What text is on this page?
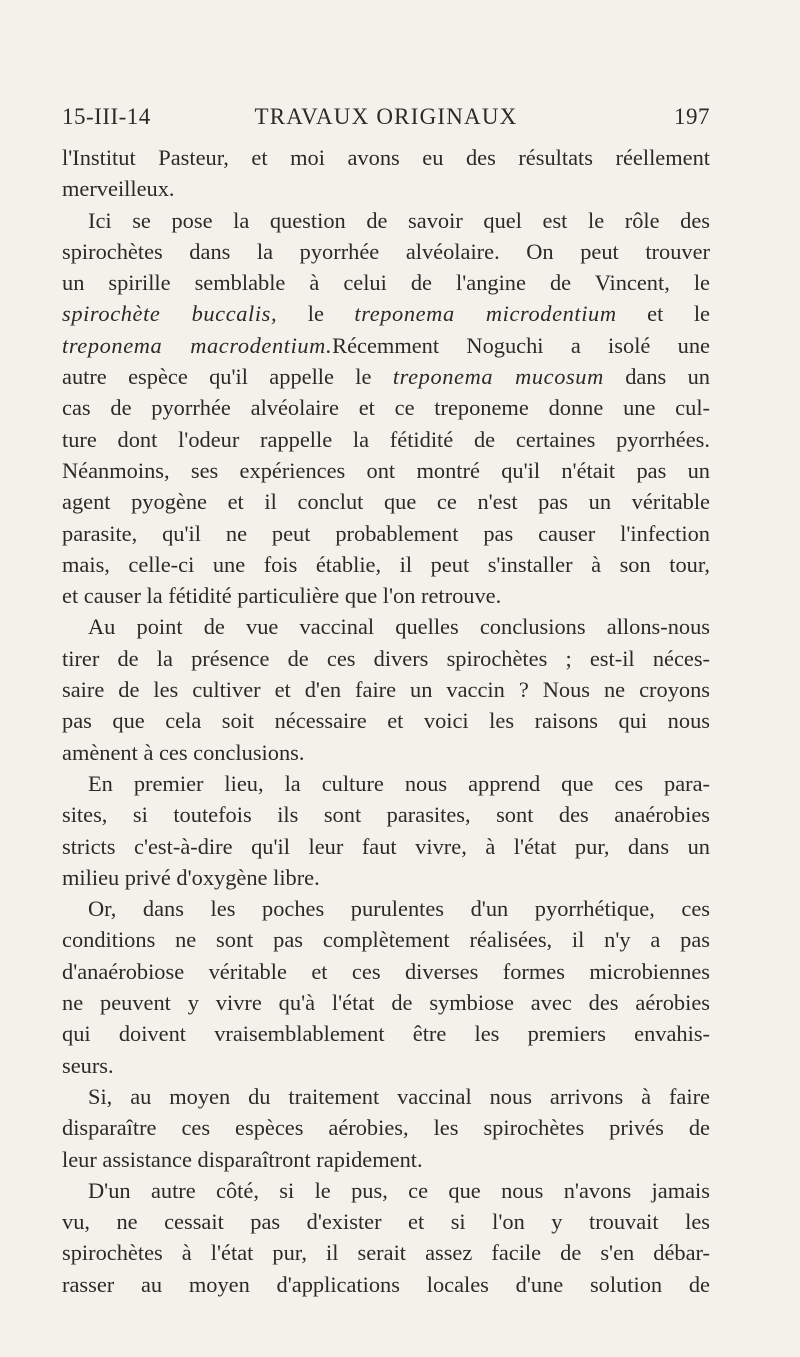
15-III-14	TRAVAUX ORIGINAUX	197

l'Institut Pasteur, et moi avons eu des résultats réellement

merveilleux.

Ici se pose la question de savoir quel est le rôle des

spirochètes dans la pyorrhée alvéolaire. On peut trouver

un spirille semblable à celui de l'angine de Vincent, le

spirochète buccalis, le treponema microdentium et le

treponema macrodentium.Récemment Noguchi a isolé une

autre espèce qu'il appelle le treponema mucosum dans un

cas de pyorrhée alvéolaire et ce treponeme donne une cul-

ture dont l'odeur rappelle la fétidité de certaines pyorrhées.

Néanmoins, ses expériences ont montré qu'il n'était pas un

agent pyogène et il conclut que ce n'est pas un véritable

parasite, qu'il ne peut probablement pas causer l'infection

mais, celle-ci une fois établie, il peut s'installer à son tour,

et causer la fétidité particulière que l'on retrouve.

Au point de vue vaccinal quelles conclusions allons-nous

tirer de la présence de ces divers spirochètes ; est-il néces-

saire de les cultiver et d'en faire un vaccin ? Nous ne croyons

pas que cela soit nécessaire et voici les raisons qui nous

amènent à ces conclusions.

En premier lieu, la culture nous apprend que ces para-

sites, si toutefois ils sont parasites, sont des anaérobies

stricts c'est-à-dire qu'il leur faut vivre, à l'état pur, dans un

milieu privé d'oxygène libre.

Or, dans les poches purulentes d'un pyorrhétique, ces

conditions ne sont pas complètement réalisées, il n'y a pas

d'anaérobiose véritable et ces diverses formes microbiennes

ne peuvent y vivre qu'à l'état de symbiose avec des aérobies

qui doivent vraisemblablement être les premiers envahis-

seurs.

Si, au moyen du traitement vaccinal nous arrivons à faire

disparaître ces espèces aérobies, les spirochètes privés de

leur assistance disparaîtront rapidement.

D'un autre côté, si le pus, ce que nous n'avons jamais

vu, ne cessait pas d'exister et si l'on y trouvait les

spirochètes à l'état pur, il serait assez facile de s'en débar-

rasser au moyen d'applications locales d'une solution de
